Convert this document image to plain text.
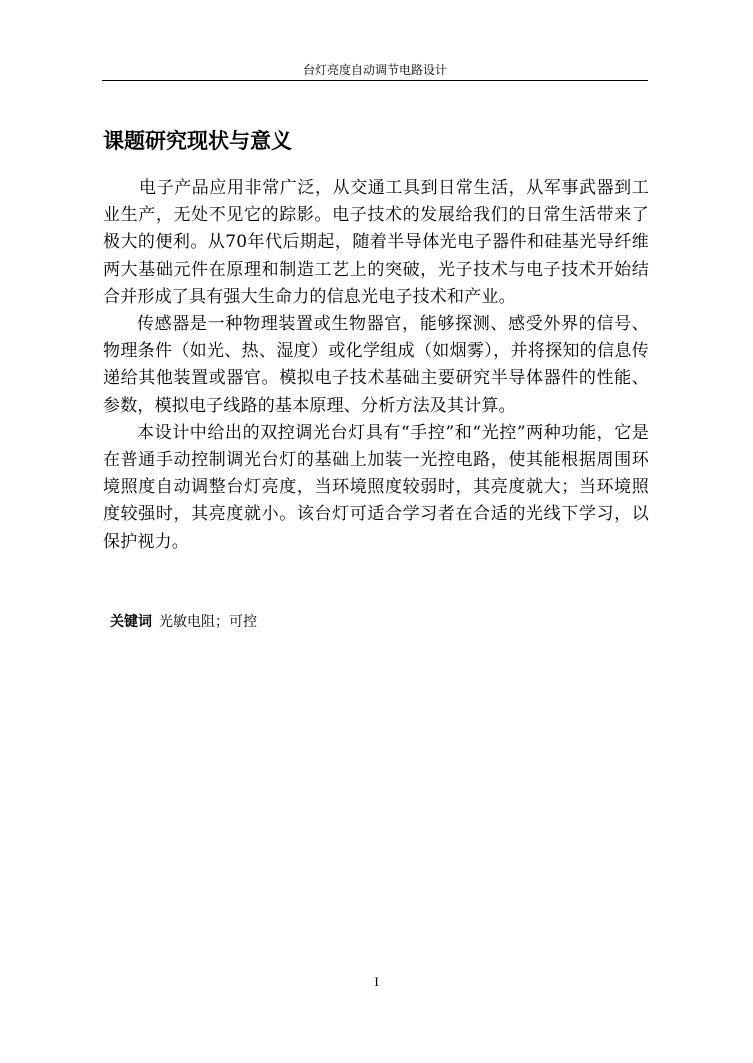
台灯亮度自动调节电路设计
课题研究现状与意义

电子产品应用非常广泛，从交通工具到日常生活，从军事武器到工业生产，无处不见它的踪影。电子技术的发展给我们的日常生活带来了极大的便利。从70年代后期起，随着半导体光电子器件和硅基光导纤维两大基础元件在原理和制造工艺上的突破，光子技术与电子技术开始结合并形成了具有强大生命力的信息光电子技术和产业。

传感器是一种物理装置或生物器官，能够探测、感受外界的信号、物理条件（如光、热、湿度）或化学组成（如烟雾），并将探知的信息传递给其他装置或器官。模拟电子技术基础主要研究半导体器件的性能、参数，模拟电子线路的基本原理、分析方法及其计算。

本设计中给出的双控调光台灯具有“手控”和“光控”两种功能，它是在普通手动控制调光台灯的基础上加装一光控电路，使其能根据周围环境照度自动调整台灯亮度，当环境照度较弱时，其亮度就大；当环境照度较强时，其亮度就小。该台灯可适合学习者在合适的光线下学习，以保护视力。

关键词 光敏电阻；可控
I
